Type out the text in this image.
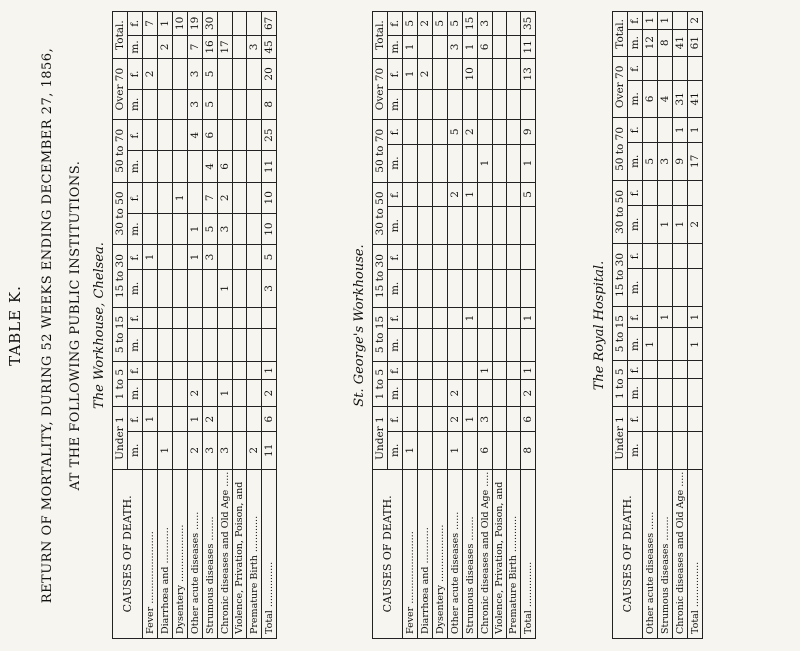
TABLE K. RETURN OF MORTALITY, DURING 52 WEEKS ENDING DECEMBER 27, 1856, AT THE FOLLOWING PUBLIC INSTITUTIONS. The Workhouse, Chelsea.
CAUSES OF DEATH.	Under 1		1 to 5		5 to 15		15 to 30		30 to 50		50 to 70		Over 70		Total.	
	m.	f.	m.	f.	m.	f.	m.	f.	m.	f.	m.	f.	m.	f.	m.	f.
Fever ........................		1						1						2		7
Diarrhœa and ............	1														2	1
Dysentery ...................										1						10
Other acute diseases ......	2	1	2					1	1			4	3	3	7	19
Strumous diseases ........	3	2						3	5	7	4	6	5	5	16	30
Chronic diseases and Old Age .....	3		1				1		3	2	6				17	
Violence, Privation, Poison, and																
Premature Birth ............	2														3	
Total ...............	11	6	2	1			3	5	10	10	11	25	8	20	45	67
St. George's Workhouse.
CAUSES OF DEATH.	Under 1		1 to 5		5 to 15		15 to 30		30 to 50		50 to 70		Over 70		Total.	
	m.	f.	m.	f.	m.	f.	m.	f.	m.	f.	m.	f.	m.	f.	m.	f.
Fever ........................	1													1	1	5
Diarrhœa and ............														2		2
Dysentery ...................																5
Other acute diseases ......	1	2	2							2		5			3	5
Strumous diseases ........		1				1				1		2		10	1	15
Chronic diseases and Old Age .....	6	3		1							1				6	3
Violence, Privation, Poison, and																
Premature Birth ............																
Total ...............	8	6	2	1		1				5	1	9		13	11	35
The Royal Hospital.
CAUSES OF DEATH.	Under 1		1 to 5		5 to 15		15 to 30		30 to 50		50 to 70		Over 70		Total.	
	m.	f.	m.	f.	m.	f.	m.	f.	m.	f.	m.	f.	m.	f.	m.	f.
Other acute diseases ......					1						5		6		12	1
Strumous diseases ........						1			1		3		4		8	1
Chronic diseases and Old Age .....									1		9	1	31		41	
Total ...............					1	1			2		17	1	41		61	2
